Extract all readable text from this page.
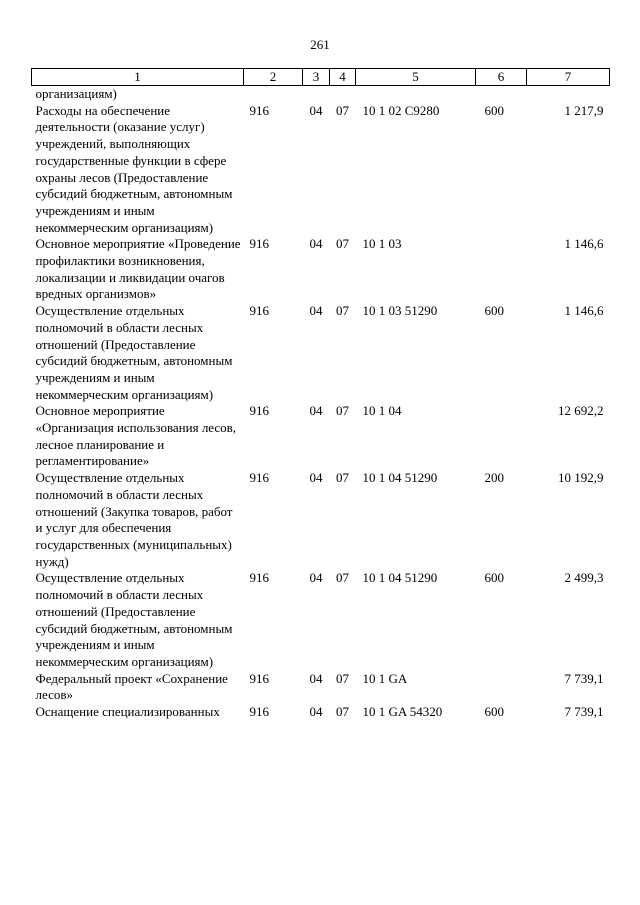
261
1	2	3	4	5	6	7
организациям)						
Расходы на обеспечение деятельности (оказание услуг) учреждений, выполняющих государственные функции в сфере охраны лесов (Предоставление субсидий бюджетным, автономным учреждениям и иным некоммерческим организациям)	916	04	07	10 1 02 С9280	600	1 217,9
Основное мероприятие «Проведение профилактики возникновения, локализации и ликвидации очагов вредных организмов»	916	04	07	10 1 03		1 146,6
Осуществление отдельных полномочий в области лесных отношений (Предоставление субсидий бюджетным, автономным учреждениям и иным некоммерческим организациям)	916	04	07	10 1 03 51290	600	1 146,6
Основное мероприятие «Организация использования лесов, лесное планирование и регламентирование»	916	04	07	10 1 04		12 692,2
Осуществление отдельных полномочий в области лесных отношений (Закупка товаров, работ и услуг для обеспечения государственных (муниципальных) нужд)	916	04	07	10 1 04 51290	200	10 192,9
Осуществление отдельных полномочий в области лесных отношений (Предоставление субсидий бюджетным, автономным учреждениям и иным некоммерческим организациям)	916	04	07	10 1 04 51290	600	2 499,3
Федеральный проект «Сохранение лесов»	916	04	07	10 1 GA		7 739,1
Оснащение специализированных	916	04	07	10 1 GA 54320	600	7 739,1
